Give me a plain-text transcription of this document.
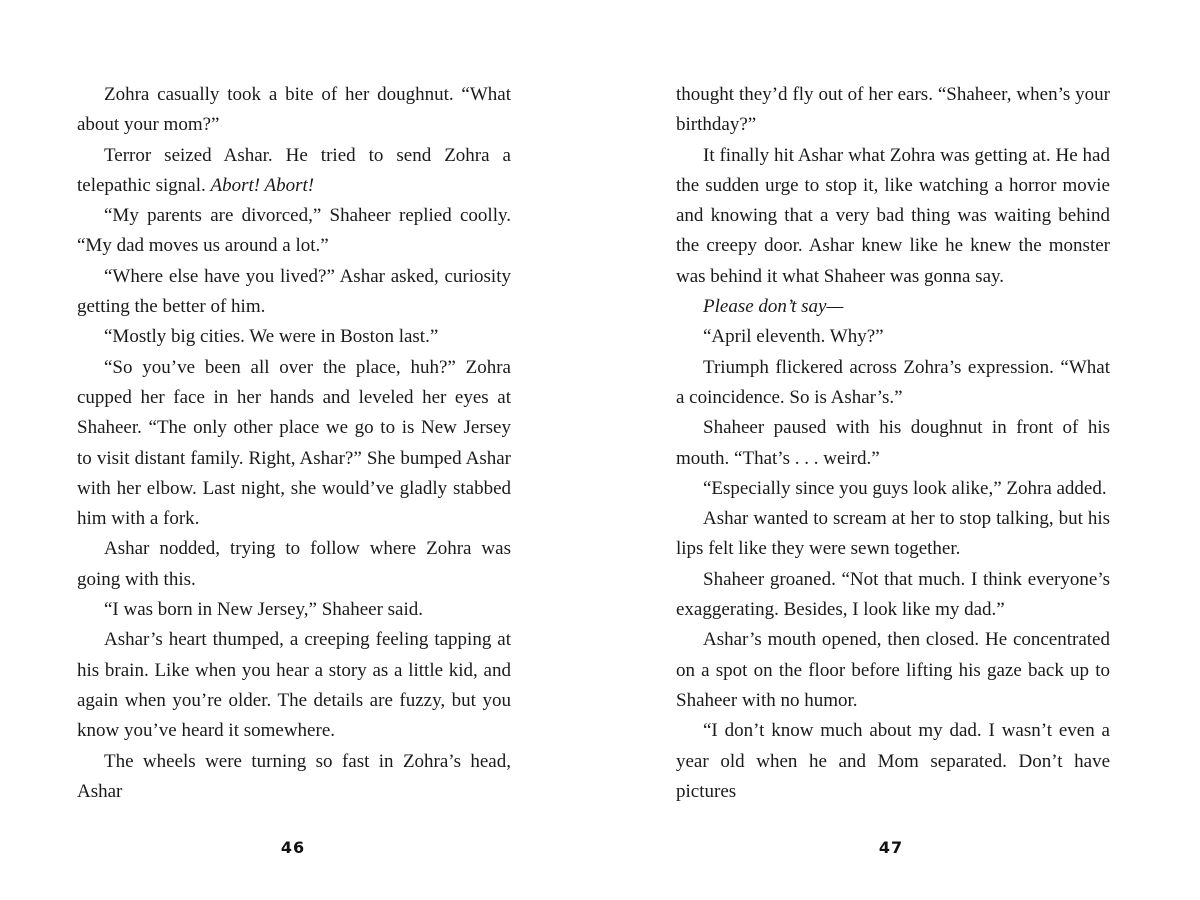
Zohra casually took a bite of her doughnut. “What about your mom?”

Terror seized Ashar. He tried to send Zohra a telepathic signal. Abort! Abort!

“My parents are divorced,” Shaheer replied coolly. “My dad moves us around a lot.”

“Where else have you lived?” Ashar asked, curiosity getting the better of him.

“Mostly big cities. We were in Boston last.”

“So you’ve been all over the place, huh?” Zohra cupped her face in her hands and leveled her eyes at Shaheer. “The only other place we go to is New Jersey to visit distant family. Right, Ashar?” She bumped Ashar with her elbow. Last night, she would’ve gladly stabbed him with a fork.

Ashar nodded, trying to follow where Zohra was going with this.

“I was born in New Jersey,” Shaheer said.

Ashar’s heart thumped, a creeping feeling tapping at his brain. Like when you hear a story as a little kid, and again when you’re older. The details are fuzzy, but you know you’ve heard it somewhere.

The wheels were turning so fast in Zohra’s head, Ashar

46

thought they’d fly out of her ears. “Shaheer, when’s your birthday?”

It finally hit Ashar what Zohra was getting at. He had the sudden urge to stop it, like watching a horror movie and knowing that a very bad thing was waiting behind the creepy door. Ashar knew like he knew the monster was behind it what Shaheer was gonna say.

Please don’t say—

“April eleventh. Why?”

Triumph flickered across Zohra’s expression. “What a coincidence. So is Ashar’s.”

Shaheer paused with his doughnut in front of his mouth. “That’s . . . weird.”

“Especially since you guys look alike,” Zohra added.

Ashar wanted to scream at her to stop talking, but his lips felt like they were sewn together.

Shaheer groaned. “Not that much. I think everyone’s exaggerating. Besides, I look like my dad.”

Ashar’s mouth opened, then closed. He concentrated on a spot on the floor before lifting his gaze back up to Shaheer with no humor.

“I don’t know much about my dad. I wasn’t even a year old when he and Mom separated. Don’t have pictures

47
